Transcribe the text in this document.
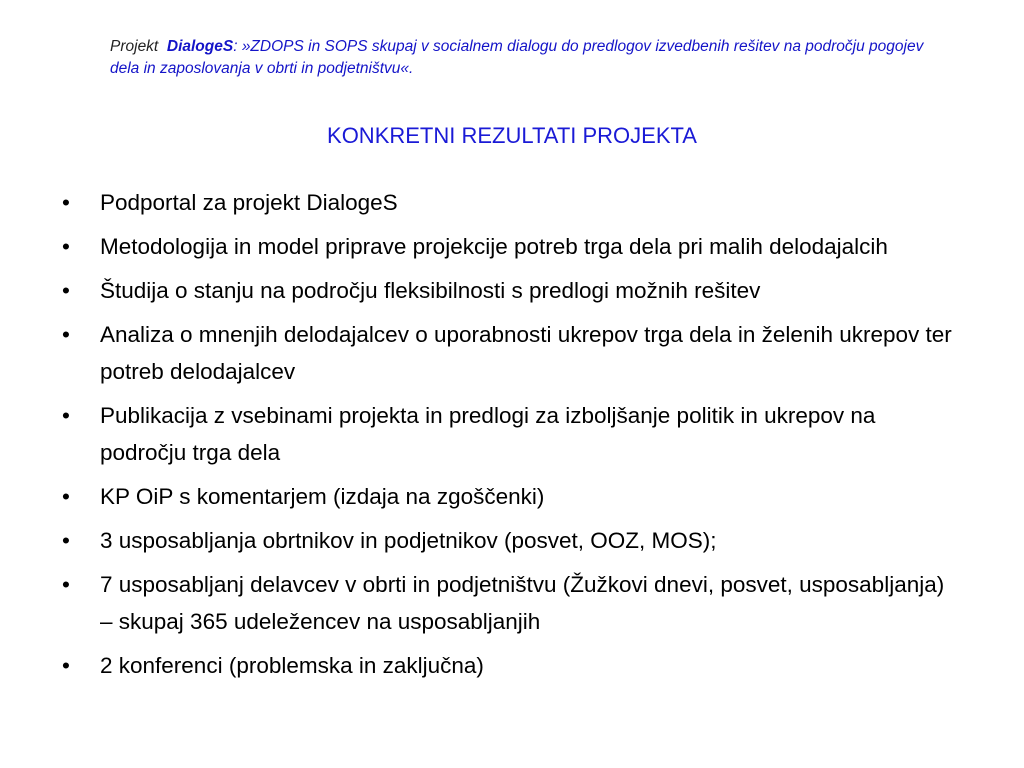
Projekt DialogeS: »ZDOPS in SOPS skupaj v socialnem dialogu do predlogov izvedbenih rešitev na področju pogojev dela in zaposlovanja v obrti in podjetništvu«.
KONKRETNI REZULTATI PROJEKTA
• Podportal za projekt DialogeS
• Metodologija in model priprave projekcije potreb trga dela pri malih delodajalcih
• Študija o stanju na področju fleksibilnosti s predlogi možnih rešitev
• Analiza o mnenjih delodajalcev o uporabnosti ukrepov trga dela in želenih ukrepov ter potreb delodajalcev
• Publikacija z vsebinami projekta in predlogi za izboljšanje politik in ukrepov na področju trga dela
• KP OiP s komentarjem (izdaja na zgoščenki)
• 3 usposabljanja obrtnikov in podjetnikov (posvet, OOZ, MOS);
• 7 usposabljanj delavcev v obrti in podjetništvu (Žužkovi dnevi, posvet, usposabljanja) – skupaj 365 udeležencev na usposabljanjih
• 2 konferenci (problemska in zaključna)
